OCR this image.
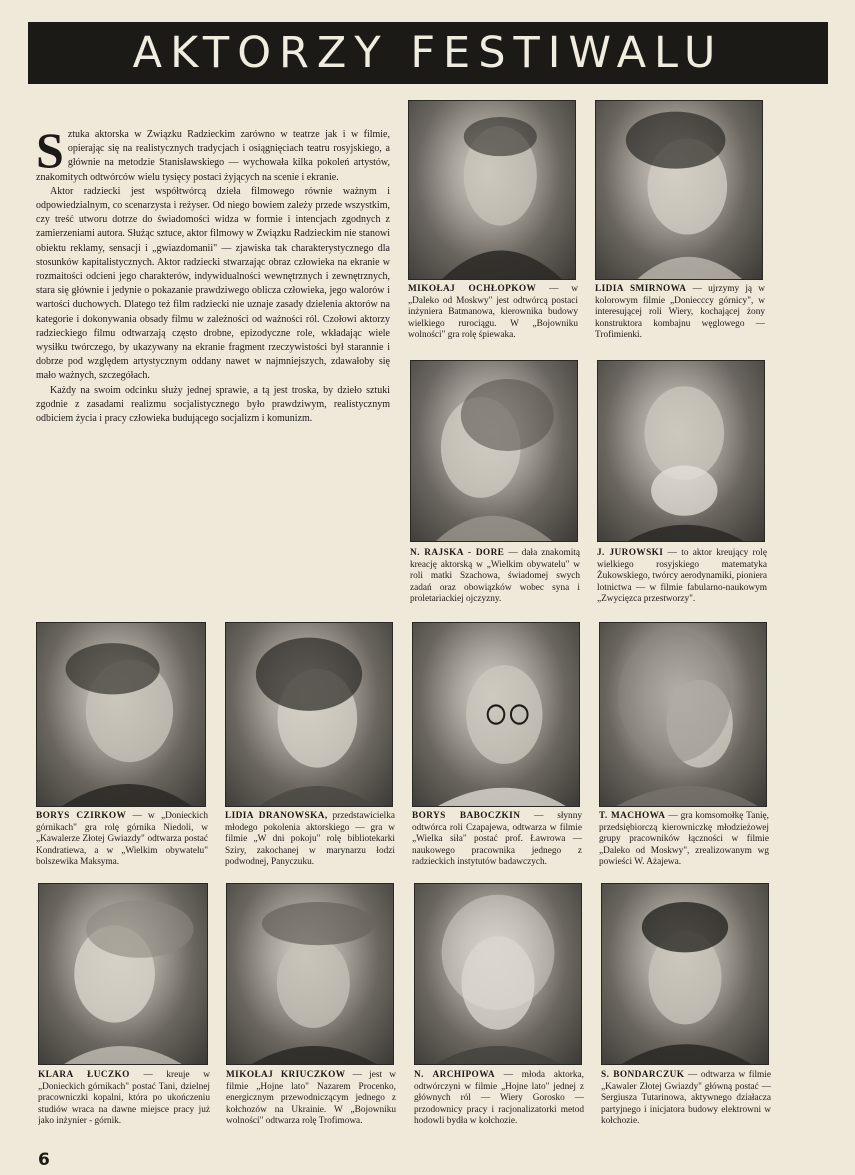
AKTORZY FESTIWALU

Sztuka aktorska w Związku Radzieckim zarówno w teatrze jak i w filmie, opierając się na realistycznych tradycjach i osiągnięciach teatru rosyjskiego, a głównie na metodzie Stanisławskiego — wychowała kilka pokoleń artystów, znakomitych odtwórców wielu tysięcy postaci żyjących na scenie i ekranie.

Aktor radziecki jest współtwórcą dzieła filmowego równie ważnym i odpowiedzialnym, co scenarzysta i reżyser. Od niego bowiem zależy przede wszystkim, czy treść utworu dotrze do świadomości widza w formie i intencjach zgodnych z zamierzeniami autora. Służąc sztuce, aktor filmowy w Związku Radzieckim nie stanowi obiektu reklamy, sensacji i „gwiazdomanii" — zjawiska tak charakterystycznego dla stosunków kapitalistycznych. Aktor radziecki stwarzając obraz człowieka na ekranie w rozmaitości odcieni jego charakterów, indywidualności wewnętrznych i zewnętrznych, stara się głównie i jedynie o pokazanie prawdziwego oblicza człowieka, jego walorów i wartości duchowych. Dlatego też film radziecki nie uznaje zasady dzielenia aktorów na kategorie i dokonywania obsady filmu w zależności od ważności ról. Czołowi aktorzy radzieckiego filmu odtwarzają często drobne, epizodyczne role, wkładając wiele wysiłku twórczego, by ukazywany na ekranie fragment rzeczywistości był starannie i dobrze pod względem artystycznym oddany nawet w najmniejszych, zdawałoby się mało ważnych, szczegółach.

Każdy na swoim odcinku służy jednej sprawie, a tą jest troska, by dzieło sztuki zgodnie z zasadami realizmu socjalistycznego było prawdziwym, realistycznym odbiciem życia i pracy człowieka budującego socjalizm i komunizm.

MIKOŁAJ OCHŁOPKOW — w „Daleko od Moskwy" jest odtwórcą postaci inżyniera Batmanowa, kierownika budowy wielkiego rurociągu. W „Bojowniku wolności" gra rolę śpiewaka.
LIDIA SMIRNOWA — ujrzymy ją w kolorowym filmie „Doniecccy górnicy", w interesującej roli Wiery, kochającej żony konstruktora kombajnu węglowego — Trofimienki.
N. RAJSKA - DORE — dała znakomitą kreację aktorską w „Wielkim obywatelu" w roli matki Szachowa, świadomej swych zadań oraz obowiązków wobec syna i proletariackiej ojczyzny.
J. JUROWSKI — to aktor kreujący rolę wielkiego rosyjskiego matematyka Żukowskiego, twórcy aerodynamiki, pioniera lotnictwa — w filmie fabularno-naukowym „Zwycięzca przestworzy".
BORYS CZIRKOW — w „Donieckich górnikach" gra rolę górnika Niedoli, w „Kawalerze Złotej Gwiazdy" odtwarza postać Kondratiewa, a w „Wielkim obywatelu" bolszewika Maksyma.
LIDIA DRANOWSKA, przedstawicielka młodego pokolenia aktorskiego — gra w filmie „W dni pokoju" rolę bibliotekarki Sziry, zakochanej w marynarzu łodzi podwodnej, Panyczuku.
BORYS BABOCZKIN — słynny odtwórca roli Czapajewa, odtwarza w filmie „Wielka siła" postać prof. Ławrowa — naukowego pracownika jednego z radzieckich instytutów badawczych.
T. MACHOWA — gra komsomołkę Tanię, przedsiębiorczą kierowniczkę młodzieżowej grupy pracowników łączności w filmie „Daleko od Moskwy", zrealizowanym wg powieści W. Ażajewa.
KLARA ŁUCZKO — kreuje w „Donieckich górnikach" postać Tani, dzielnej pracowniczki kopalni, która po ukończeniu studiów wraca na dawne miejsce pracy już jako inżynier - górnik.
MIKOŁAJ KRIUCZKOW — jest w filmie „Hojne lato" Nazarem Procenko, energicznym przewodniczącym jednego z kołchozów na Ukrainie. W „Bojowniku wolności" odtwarza rolę Trofimowa.
N. ARCHIPOWA — młoda aktorka, odtwórczyni w filmie „Hojne lato" jednej z głównych ról — Wiery Gorosko — przodownicy pracy i racjonalizatorki metod hodowli bydła w kołchozie.
S. BONDARCZUK — odtwarza w filmie „Kawaler Złotej Gwiazdy" główną postać — Sergiusza Tutarinowa, aktywnego działacza partyjnego i inicjatora budowy elektrowni w kołchozie.
6
